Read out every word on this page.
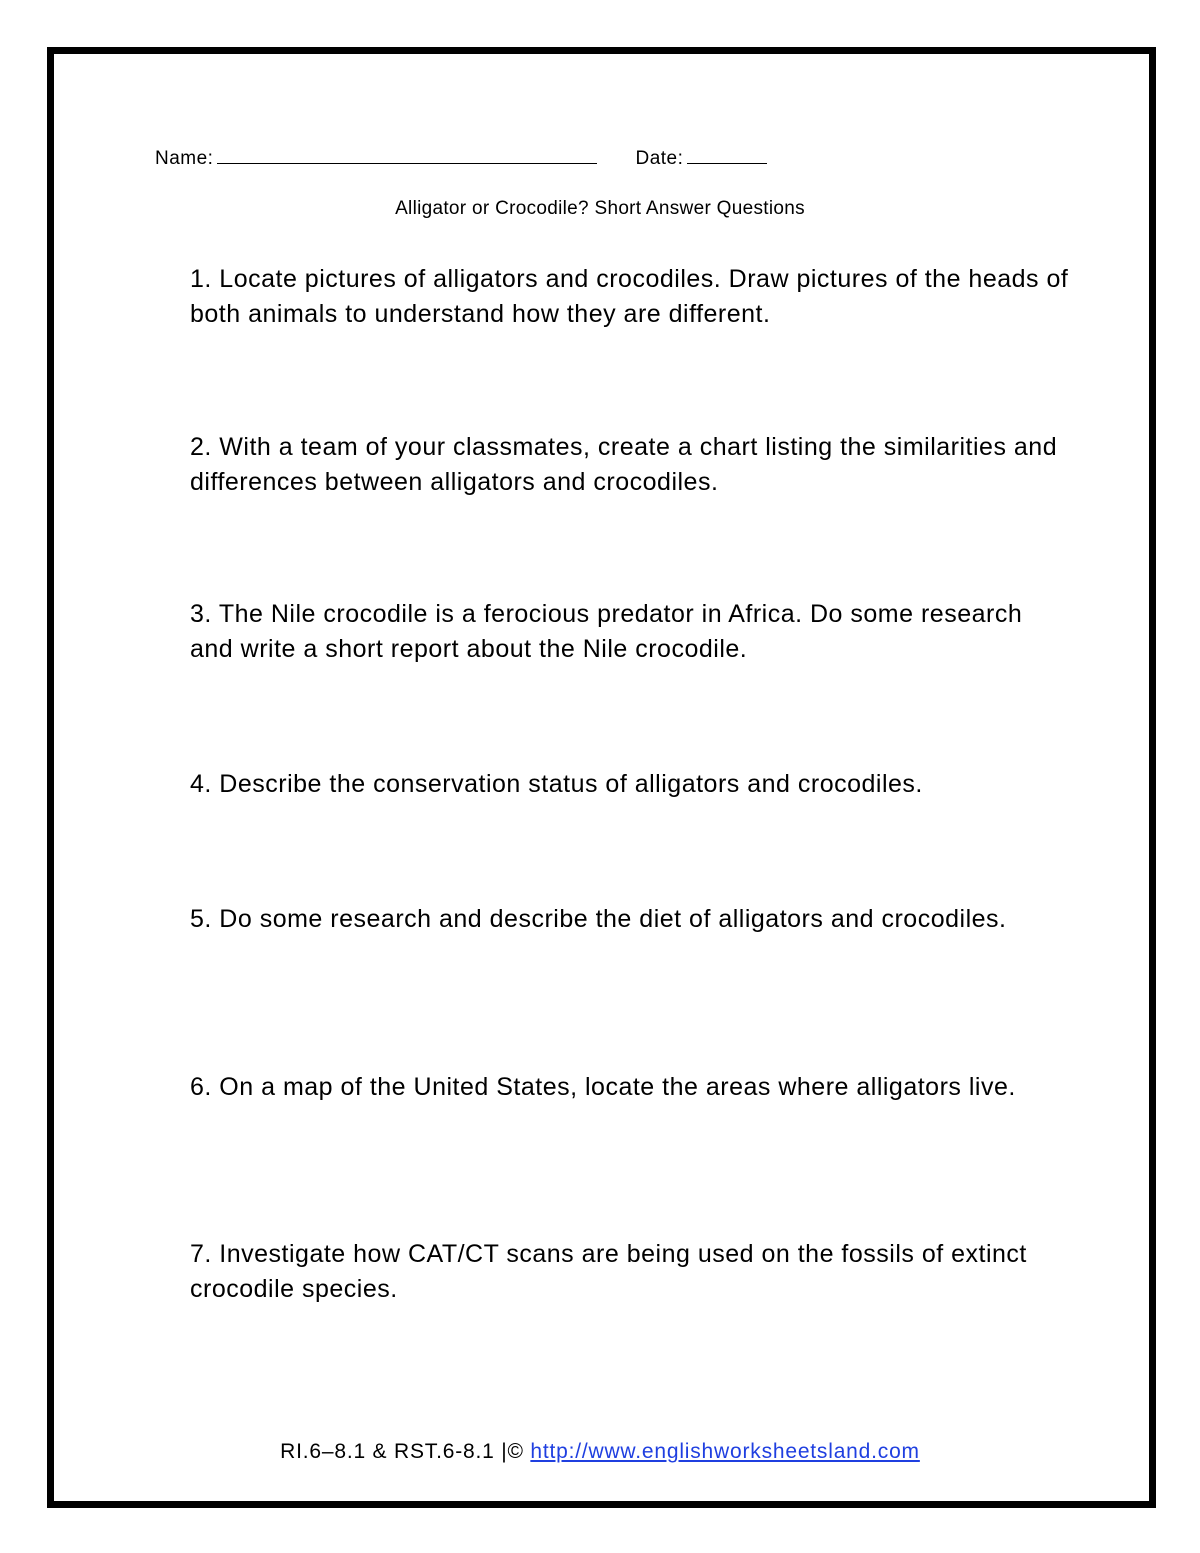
Name:	Date:
Alligator or Crocodile? Short Answer Questions

1. Locate pictures of alligators and crocodiles. Draw pictures of the heads of both animals to understand how they are different.

2. With a team of your classmates, create a chart listing the similarities and differences between alligators and crocodiles.

3. The Nile crocodile is a ferocious predator in Africa. Do some research and write a short report about the Nile crocodile.

4. Describe the conservation status of alligators and crocodiles.

5. Do some research and describe the diet of alligators and crocodiles.

6. On a map of the United States, locate the areas where alligators live.

7. Investigate how CAT/CT scans are being used on the fossils of extinct crocodile species.

RI.6–8.1 & RST.6-8.1 |© http://www.englishworksheetsland.com
